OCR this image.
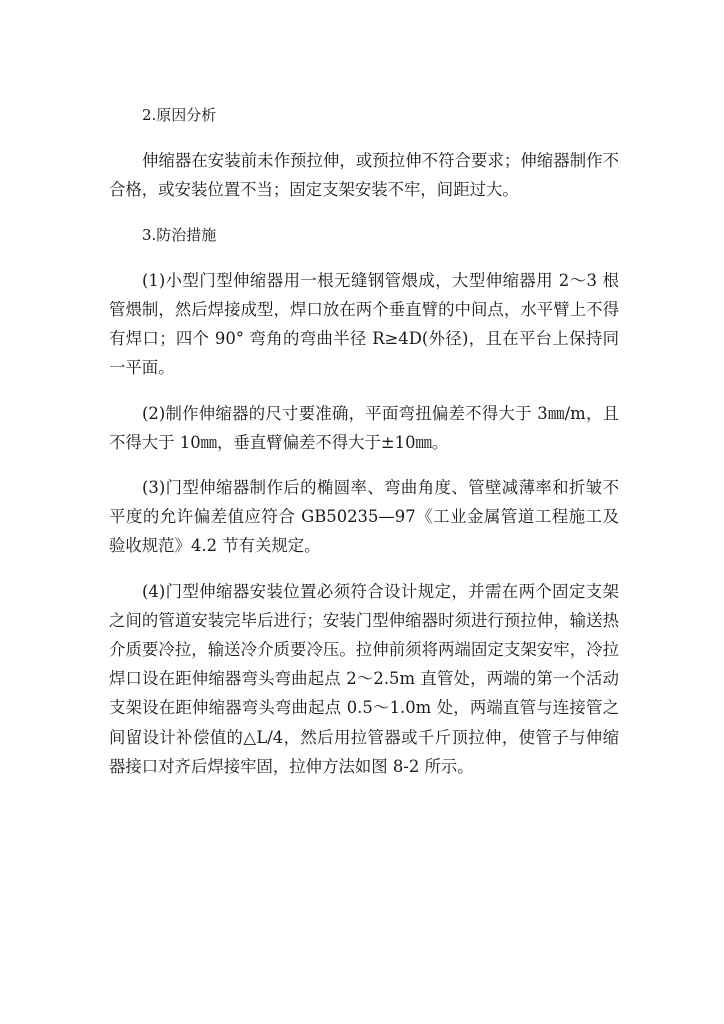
2.原因分析

伸缩器在安装前未作预拉伸，或预拉伸不符合要求；伸缩器制作不合格，或安装位置不当；固定支架安装不牢，间距过大。

3.防治措施

(1)小型门型伸缩器用一根无缝钢管煨成，大型伸缩器用 2～3 根管煨制，然后焊接成型，焊口放在两个垂直臂的中间点，水平臂上不得有焊口；四个 90° 弯角的弯曲半径 R≥4D(外径)，且在平台上保持同一平面。

(2)制作伸缩器的尺寸要准确，平面弯扭偏差不得大于 3㎜/m，且不得大于 10㎜，垂直臂偏差不得大于±10㎜。

(3)门型伸缩器制作后的椭圆率、弯曲角度、管壁减薄率和折皱不平度的允许偏差值应符合 GB50235—97《工业金属管道工程施工及验收规范》4.2 节有关规定。

(4)门型伸缩器安装位置必须符合设计规定，并需在两个固定支架之间的管道安装完毕后进行；安装门型伸缩器时须进行预拉伸，输送热介质要冷拉，输送冷介质要冷压。拉伸前须将两端固定支架安牢，冷拉焊口设在距伸缩器弯头弯曲起点 2～2.5m 直管处，两端的第一个活动支架设在距伸缩器弯头弯曲起点 0.5～1.0m 处，两端直管与连接管之间留设计补偿值的△L/4，然后用拉管器或千斤顶拉伸，使管子与伸缩器接口对齐后焊接牢固，拉伸方法如图 8-2 所示。
